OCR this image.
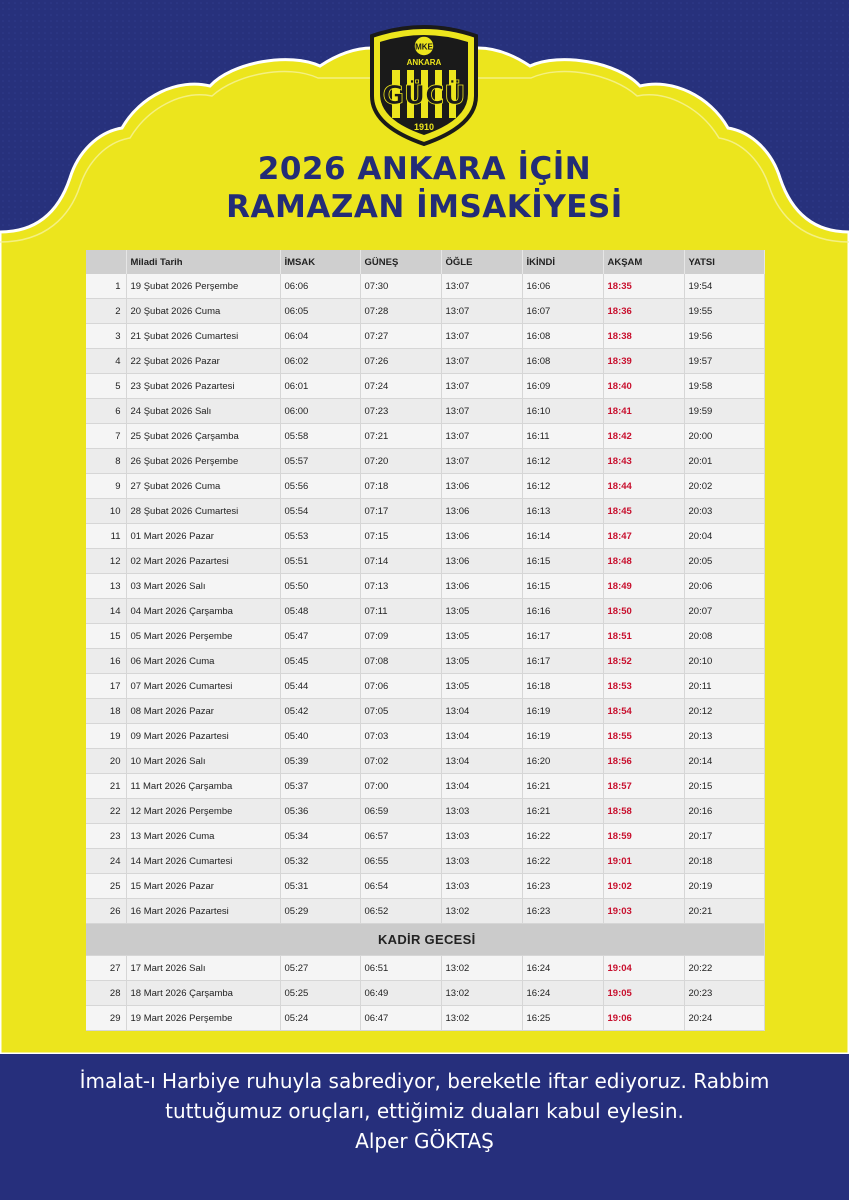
MKE
ANKARA
GÜCÜ
1910
2026 ANKARA İÇİN
RAMAZAN İMSAKİYESİ
	Miladi Tarih	İMSAK	GÜNEŞ	ÖĞLE	İKİNDİ	AKŞAM	YATSI
1	19 Şubat 2026 Perşembe	06:06	07:30	13:07	16:06	18:35	19:54
2	20 Şubat 2026 Cuma	06:05	07:28	13:07	16:07	18:36	19:55
3	21 Şubat 2026 Cumartesi	06:04	07:27	13:07	16:08	18:38	19:56
4	22 Şubat 2026 Pazar	06:02	07:26	13:07	16:08	18:39	19:57
5	23 Şubat 2026 Pazartesi	06:01	07:24	13:07	16:09	18:40	19:58
6	24 Şubat 2026 Salı	06:00	07:23	13:07	16:10	18:41	19:59
7	25 Şubat 2026 Çarşamba	05:58	07:21	13:07	16:11	18:42	20:00
8	26 Şubat 2026 Perşembe	05:57	07:20	13:07	16:12	18:43	20:01
9	27 Şubat 2026 Cuma	05:56	07:18	13:06	16:12	18:44	20:02
10	28 Şubat 2026 Cumartesi	05:54	07:17	13:06	16:13	18:45	20:03
11	01 Mart 2026 Pazar	05:53	07:15	13:06	16:14	18:47	20:04
12	02 Mart 2026 Pazartesi	05:51	07:14	13:06	16:15	18:48	20:05
13	03 Mart 2026 Salı	05:50	07:13	13:06	16:15	18:49	20:06
14	04 Mart 2026 Çarşamba	05:48	07:11	13:05	16:16	18:50	20:07
15	05 Mart 2026 Perşembe	05:47	07:09	13:05	16:17	18:51	20:08
16	06 Mart 2026 Cuma	05:45	07:08	13:05	16:17	18:52	20:10
17	07 Mart 2026 Cumartesi	05:44	07:06	13:05	16:18	18:53	20:11
18	08 Mart 2026 Pazar	05:42	07:05	13:04	16:19	18:54	20:12
19	09 Mart 2026 Pazartesi	05:40	07:03	13:04	16:19	18:55	20:13
20	10 Mart 2026 Salı	05:39	07:02	13:04	16:20	18:56	20:14
21	11 Mart 2026 Çarşamba	05:37	07:00	13:04	16:21	18:57	20:15
22	12 Mart 2026 Perşembe	05:36	06:59	13:03	16:21	18:58	20:16
23	13 Mart 2026 Cuma	05:34	06:57	13:03	16:22	18:59	20:17
24	14 Mart 2026 Cumartesi	05:32	06:55	13:03	16:22	19:01	20:18
25	15 Mart 2026 Pazar	05:31	06:54	13:03	16:23	19:02	20:19
26	16 Mart 2026 Pazartesi	05:29	06:52	13:02	16:23	19:03	20:21
KADİR GECESİ							
27	17 Mart 2026 Salı	05:27	06:51	13:02	16:24	19:04	20:22
28	18 Mart 2026 Çarşamba	05:25	06:49	13:02	16:24	19:05	20:23
29	19 Mart 2026 Perşembe	05:24	06:47	13:02	16:25	19:06	20:24

İmalat-ı Harbiye ruhuyla sabrediyor, bereketle iftar ediyoruz. Rabbim

tuttuğumuz oruçları, ettiğimiz duaları kabul eylesin.

Alper GÖKTAŞ
